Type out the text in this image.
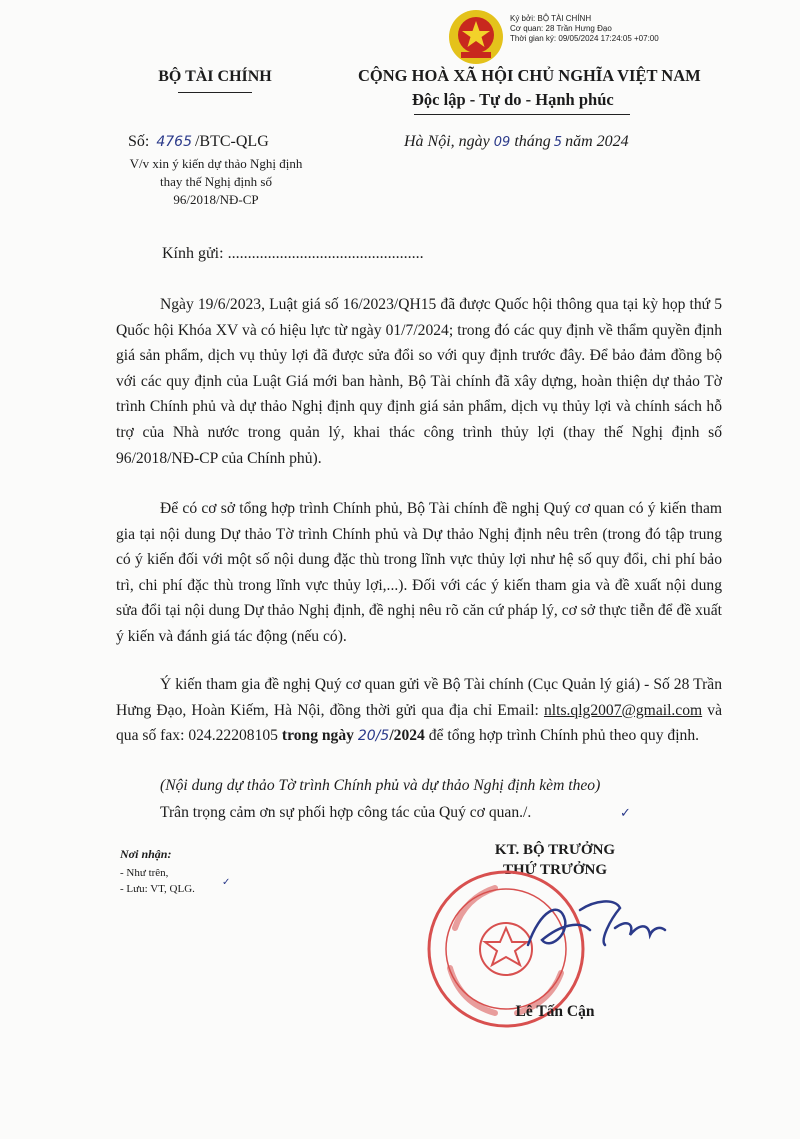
Ký bởi: BỘ TÀI CHÍNH
Cơ quan: 28 Trần Hưng Đạo
Thời gian ký: 09/05/2024 17:24:05 +07:00
BỘ TÀI CHÍNH	CỘNG HOÀ XÃ HỘI CHỦ NGHĨA VIỆT NAM
Độc lập - Tự do - Hạnh phúc
Số: 4765 /BTC-QLG
V/v xin ý kiến dự thảo Nghị định
thay thế Nghị định số
96/2018/NĐ-CP
Hà Nội, ngày 09 tháng 5 năm 2024
Kính gửi: .................................................
Ngày 19/6/2023, Luật giá số 16/2023/QH15 đã được Quốc hội thông qua tại kỳ họp thứ 5 Quốc hội Khóa XV và có hiệu lực từ ngày 01/7/2024; trong đó các quy định về thẩm quyền định giá sản phẩm, dịch vụ thủy lợi đã được sửa đổi so với quy định trước đây. Để bảo đảm đồng bộ với các quy định của Luật Giá mới ban hành, Bộ Tài chính đã xây dựng, hoàn thiện dự thảo Tờ trình Chính phủ và dự thảo Nghị định quy định giá sản phẩm, dịch vụ thủy lợi và chính sách hỗ trợ của Nhà nước trong quản lý, khai thác công trình thủy lợi (thay thế Nghị định số 96/2018/NĐ-CP của Chính phủ).
Để có cơ sở tổng hợp trình Chính phủ, Bộ Tài chính đề nghị Quý cơ quan có ý kiến tham gia tại nội dung Dự thảo Tờ trình Chính phủ và Dự thảo Nghị định nêu trên (trong đó tập trung có ý kiến đối với một số nội dung đặc thù trong lĩnh vực thủy lợi như hệ số quy đổi, chi phí bảo trì, chi phí đặc thù trong lĩnh vực thủy lợi,...). Đối với các ý kiến tham gia và đề xuất nội dung sửa đổi tại nội dung Dự thảo Nghị định, đề nghị nêu rõ căn cứ pháp lý, cơ sở thực tiễn để đề xuất ý kiến và đánh giá tác động (nếu có).
Ý kiến tham gia đề nghị Quý cơ quan gửi về Bộ Tài chính (Cục Quản lý giá) - Số 28 Trần Hưng Đạo, Hoàn Kiếm, Hà Nội, đồng thời gửi qua địa chỉ Email: nlts.qlg2007@gmail.com và qua số fax: 024.22208105 trong ngày 20/5/2024 để tổng hợp trình Chính phủ theo quy định.
(Nội dung dự thảo Tờ trình Chính phủ và dự thảo Nghị định kèm theo)
Trân trọng cảm ơn sự phối hợp công tác của Quý cơ quan./.	✓
Nơi nhận:
- Như trên,
- Lưu: VT, QLG.
✓
KT. BỘ TRƯỞNG
THỨ TRƯỞNG
Lê Tấn Cận
